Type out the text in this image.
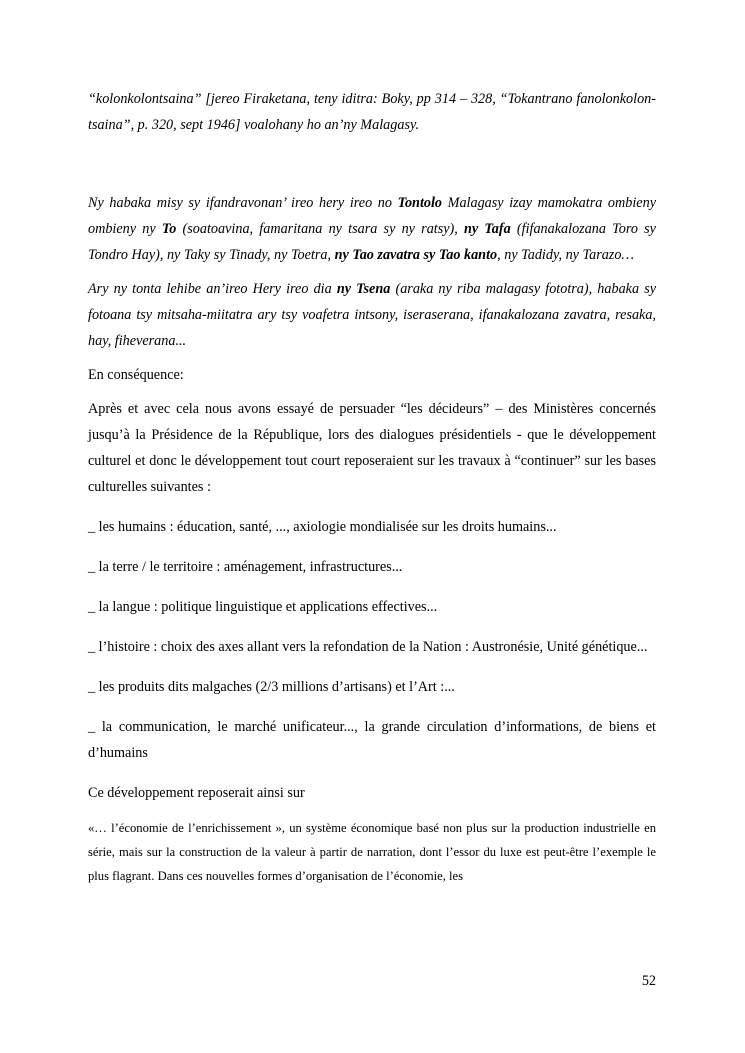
“kolonkolontsaina” [jereo Firaketana, teny iditra: Boky, pp 314 – 328, “Tokantrano fanolonkolon-tsaina”, p. 320, sept 1946] voalohany ho an’ny Malagasy.

Ny habaka misy sy ifandravonan’ ireo hery ireo no Tontolo Malagasy izay mamokatra ombieny ombieny ny To (soatoavina, famaritana ny tsara sy ny ratsy), ny Tafa (fifanakalozana Toro sy Tondro Hay), ny Taky sy Tinady, ny Toetra, ny Tao zavatra sy Tao kanto, ny Tadidy, ny Tarazo…

Ary ny tonta lehibe an’ireo Hery ireo dia ny Tsena (araka ny riba malagasy fototra), habaka sy fotoana tsy mitsaha-miitatra ary tsy voafetra intsony, iseraserana, ifanakalozana zavatra, resaka, hay, fiheverana...

En conséquence:

Après et avec cela nous avons essayé de persuader “les décideurs” – des Ministères concernés jusqu’à la Présidence de la République, lors des dialogues présidentiels - que le développement culturel et donc le développement tout court reposeraient sur les travaux à “continuer” sur les bases culturelles suivantes :

_ les humains : éducation, santé, ..., axiologie mondialisée sur les droits humains...

_ la terre / le territoire : aménagement, infrastructures...

_ la langue : politique linguistique et applications effectives...

_ l’histoire : choix des axes allant vers la refondation de la Nation : Austronésie, Unité génétique...

_ les produits dits malgaches (2/3 millions d’artisans) et l’Art :...

_ la communication, le marché unificateur..., la grande circulation d’informations, de biens et d’humains

Ce développement reposerait ainsi sur

«… l’économie de l’enrichissement », un système économique basé non plus sur la production industrielle en série, mais sur la construction de la valeur à partir de narration, dont l’essor du luxe est peut-être l’exemple le plus flagrant. Dans ces nouvelles formes d’organisation de l’économie, les

52
